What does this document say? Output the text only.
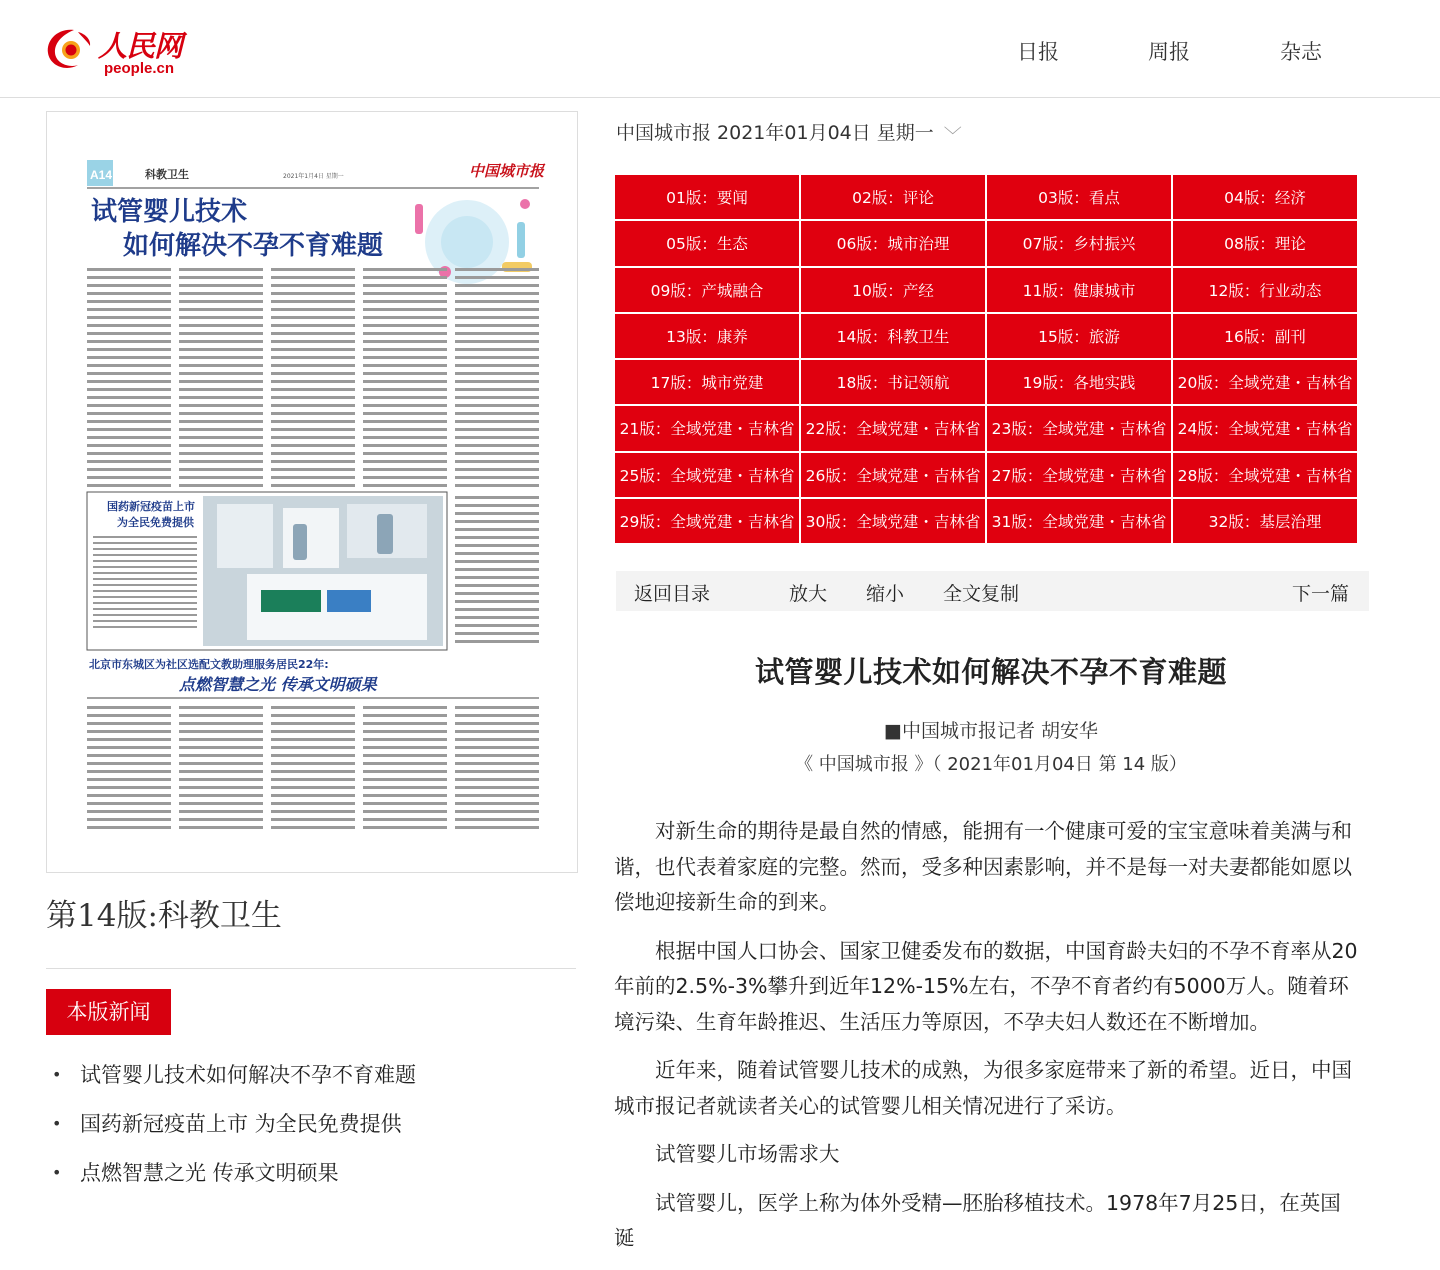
人民网
people.cn
日报	周报	杂志
A14	科教卫生	2021年1月4日 星期一	中国城市报
试管婴儿技术
如何解决不孕不育难题
国药新冠疫苗上市
为全民免费提供
北京市东城区为社区选配文教助理服务居民22年:
点燃智慧之光 传承文明硕果
第14版:科教卫生
本版新闻
• 试管婴儿技术如何解决不孕不育难题
• 国药新冠疫苗上市 为全民免费提供
• 点燃智慧之光 传承文明硕果
中国城市报 2021年01月04日 星期一 ﹀
01版：要闻	02版：评论	03版：看点	04版：经济
05版：生态	06版：城市治理	07版：乡村振兴	08版：理论
09版：产城融合	10版：产经	11版：健康城市	12版：行业动态
13版：康养	14版：科教卫生	15版：旅游	16版：副刊
17版：城市党建	18版：书记领航	19版：各地实践	20版：全域党建・吉林省
21版：全域党建・吉林省 22版：全域党建・吉林省 23版：全域党建・吉林省 24版：全域党建・吉林省
25版：全域党建・吉林省 26版：全域党建・吉林省 27版：全域党建・吉林省 28版：全域党建・吉林省
29版：全域党建・吉林省 30版：全域党建・吉林省 31版：全域党建・吉林省	32版：基层治理
返回目录	放大 缩小 全文复制	下一篇
试管婴儿技术如何解决不孕不育难题
■中国城市报记者 胡安华
《 中国城市报 》（ 2021年01月04日 第 14 版）

对新生命的期待是最自然的情感，能拥有一个健康可爱的宝宝意味着美满与和谐，也代表着家庭的完整。然而，受多种因素影响，并不是每一对夫妻都能如愿以偿地迎接新生命的到来。

根据中国人口协会、国家卫健委发布的数据，中国育龄夫妇的不孕不育率从20年前的2.5%-3%攀升到近年12%-15%左右，不孕不育者约有5000万人。随着环境污染、生育年龄推迟、生活压力等原因，不孕夫妇人数还在不断增加。

近年来，随着试管婴儿技术的成熟，为很多家庭带来了新的希望。近日，中国城市报记者就读者关心的试管婴儿相关情况进行了采访。

试管婴儿市场需求大

试管婴儿，医学上称为体外受精—胚胎移植技术。1978年7月25日，在英国诞
